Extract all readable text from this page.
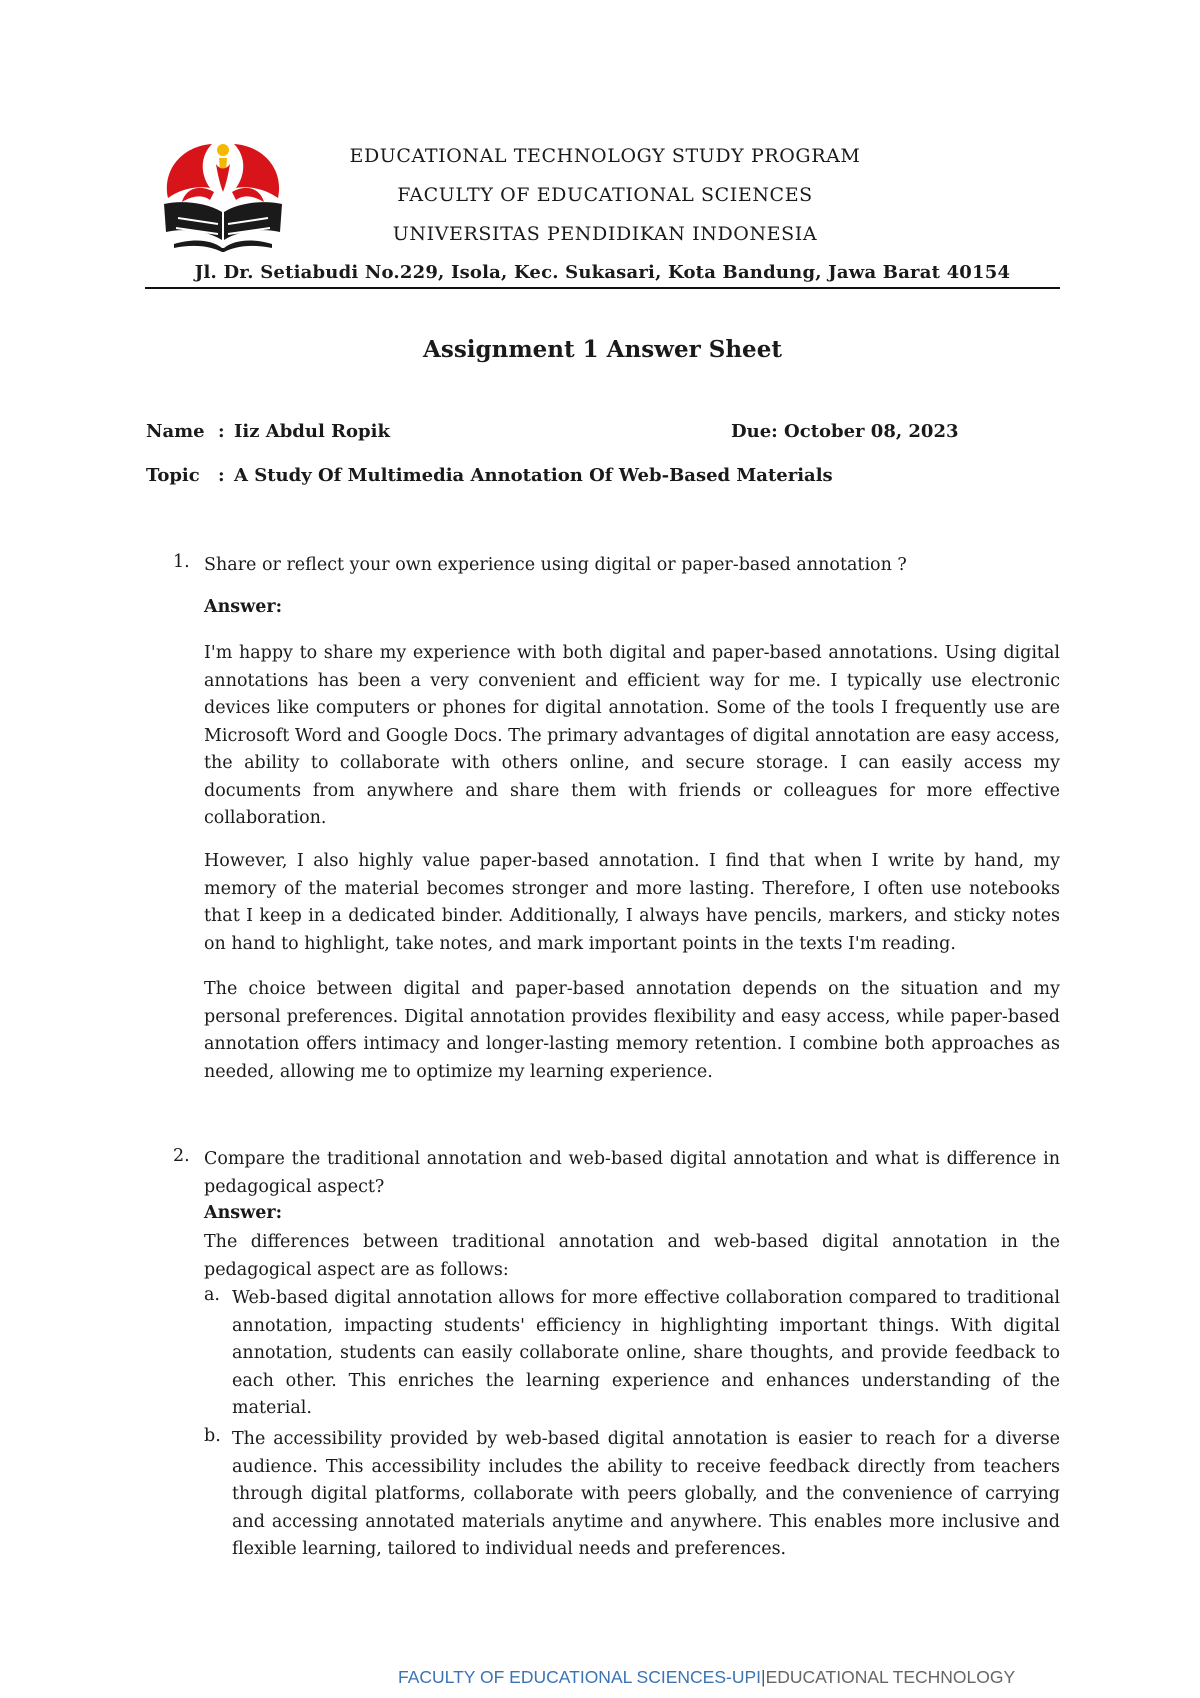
EDUCATIONAL TECHNOLOGY STUDY PROGRAM
FACULTY OF EDUCATIONAL SCIENCES
UNIVERSITAS PENDIDIKAN INDONESIA
Jl. Dr. Setiabudi No.229, Isola, Kec. Sukasari, Kota Bandung, Jawa Barat 40154
Assignment 1 Answer Sheet
Name : Iiz Abdul Ropik	Due: October 08, 2023
Topic : A Study Of Multimedia Annotation Of Web-Based Materials
1. Share or reflect your own experience using digital or paper-based annotation ?
Answer:
I'm happy to share my experience with both digital and paper-based annotations. Using digital annotations has been a very convenient and efficient way for me. I typically use electronic devices like computers or phones for digital annotation. Some of the tools I frequently use are Microsoft Word and Google Docs. The primary advantages of digital annotation are easy access, the ability to collaborate with others online, and secure storage. I can easily access my documents from anywhere and share them with friends or colleagues for more effective collaboration.
However, I also highly value paper-based annotation. I find that when I write by hand, my memory of the material becomes stronger and more lasting. Therefore, I often use notebooks that I keep in a dedicated binder. Additionally, I always have pencils, markers, and sticky notes on hand to highlight, take notes, and mark important points in the texts I'm reading.
The choice between digital and paper-based annotation depends on the situation and my personal preferences. Digital annotation provides flexibility and easy access, while paper-based annotation offers intimacy and longer-lasting memory retention. I combine both approaches as needed, allowing me to optimize my learning experience.
2. Compare the traditional annotation and web-based digital annotation and what is difference in pedagogical aspect?
Answer:
The differences between traditional annotation and web-based digital annotation in the pedagogical aspect are as follows:
a. Web-based digital annotation allows for more effective collaboration compared to traditional annotation, impacting students' efficiency in highlighting important things. With digital annotation, students can easily collaborate online, share thoughts, and provide feedback to each other. This enriches the learning experience and enhances understanding of the material.
b. The accessibility provided by web-based digital annotation is easier to reach for a diverse audience. This accessibility includes the ability to receive feedback directly from teachers through digital platforms, collaborate with peers globally, and the convenience of carrying and accessing annotated materials anytime and anywhere. This enables more inclusive and flexible learning, tailored to individual needs and preferences.
FACULTY OF EDUCATIONAL SCIENCES-UPI|EDUCATIONAL TECHNOLOGY
